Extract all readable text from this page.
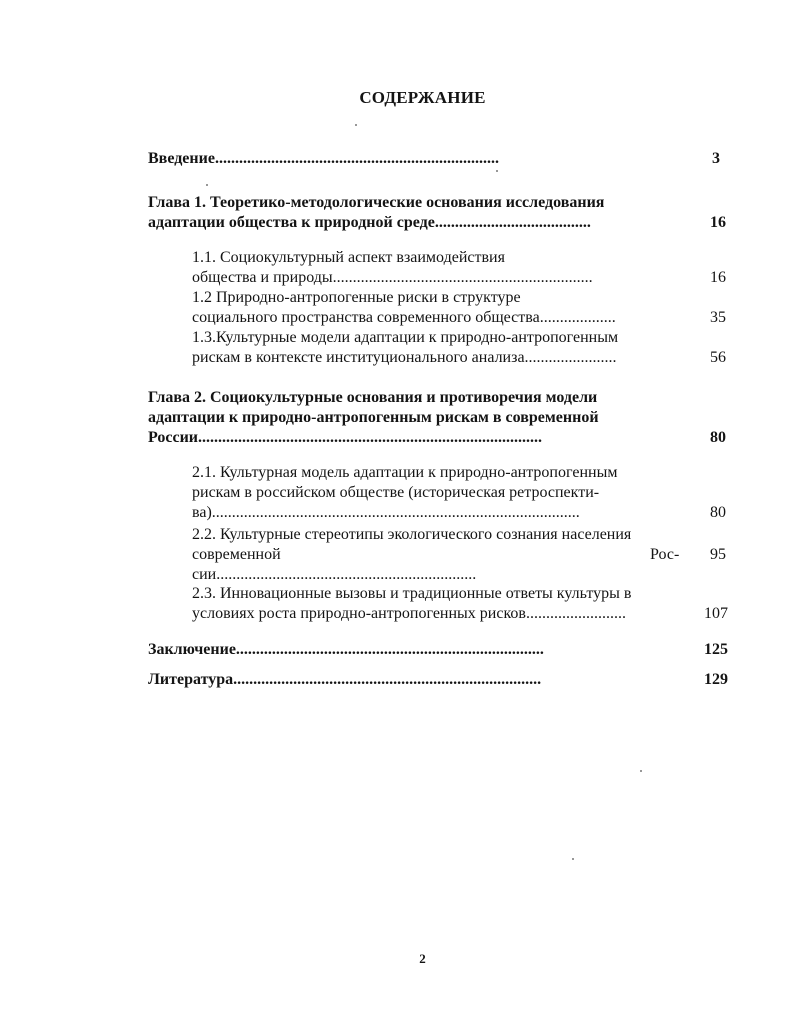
СОДЕРЖАНИЕ
Введение.......................................................................	3
Глава 1. Теоретико-методологические основания исследования
адаптации общества к природной среде.......................................	16
1.1. Социокультурный аспект взаимодействия
общества и природы.................................................................	16
1.2 Природно-антропогенные риски в структуре
социального пространства современного общества...................	35
1.3.Культурные модели адаптации к природно-антропогенным
рискам в контексте институционального анализа.......................	56
Глава 2. Социокультурные основания и противоречия модели
адаптации к природно-антропогенным рискам в современной
России......................................................................................	80
2.1. Культурная модель адаптации к природно-антропогенным
рискам в российском обществе (историческая ретроспекти-
ва)............................................................................................	80
2.2. Культурные стереотипы экологического сознания населения
современной	Рос-	95
сии.................................................................
2.3. Инновационные вызовы и традиционные ответы культуры в
условиях роста природно-антропогенных рисков.........................	107
Заключение.............................................................................	125
Литература.............................................................................	129
2
